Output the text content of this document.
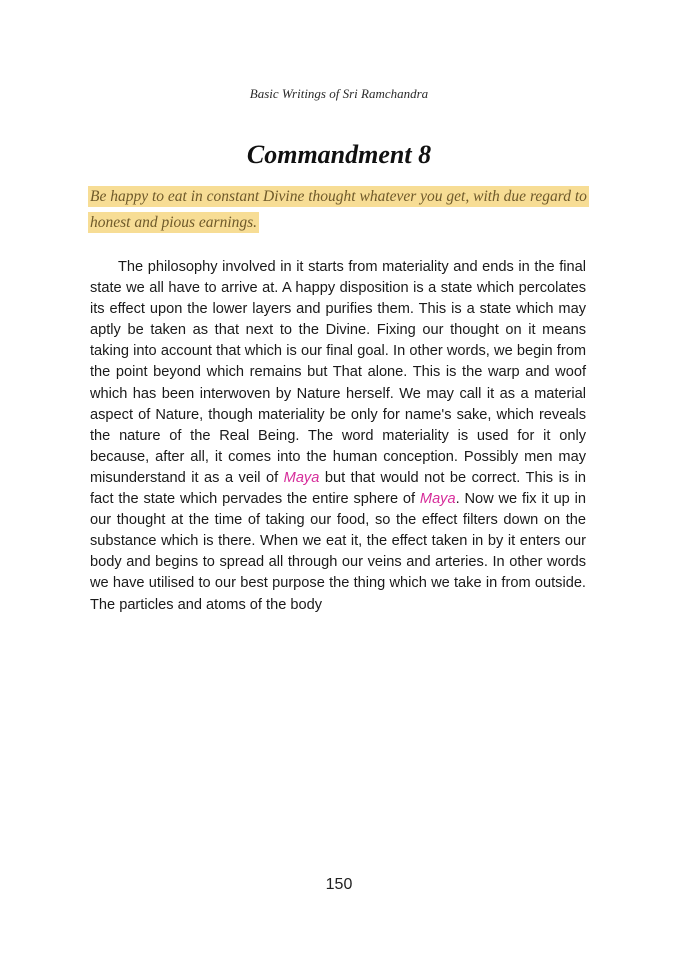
Basic Writings of Sri Ramchandra
Commandment 8
Be happy to eat in constant Divine thought whatever you get, with due regard to honest and pious earnings.
The philosophy involved in it starts from materiality and ends in the final state we all have to arrive at. A happy disposition is a state which percolates its effect upon the lower layers and purifies them. This is a state which may aptly be taken as that next to the Divine. Fixing our thought on it means taking into account that which is our final goal. In other words, we begin from the point beyond which remains but That alone. This is the warp and woof which has been interwoven by Nature herself. We may call it as a material aspect of Nature, though materiality be only for name's sake, which reveals the nature of the Real Being. The word materiality is used for it only because, after all, it comes into the human conception. Possibly men may misunderstand it as a veil of Maya but that would not be correct. This is in fact the state which pervades the entire sphere of Maya. Now we fix it up in our thought at the time of taking our food, so the effect filters down on the substance which is there. When we eat it, the effect taken in by it enters our body and begins to spread all through our veins and arteries. In other words we have utilised to our best purpose the thing which we take in from outside. The particles and atoms of the body
150
